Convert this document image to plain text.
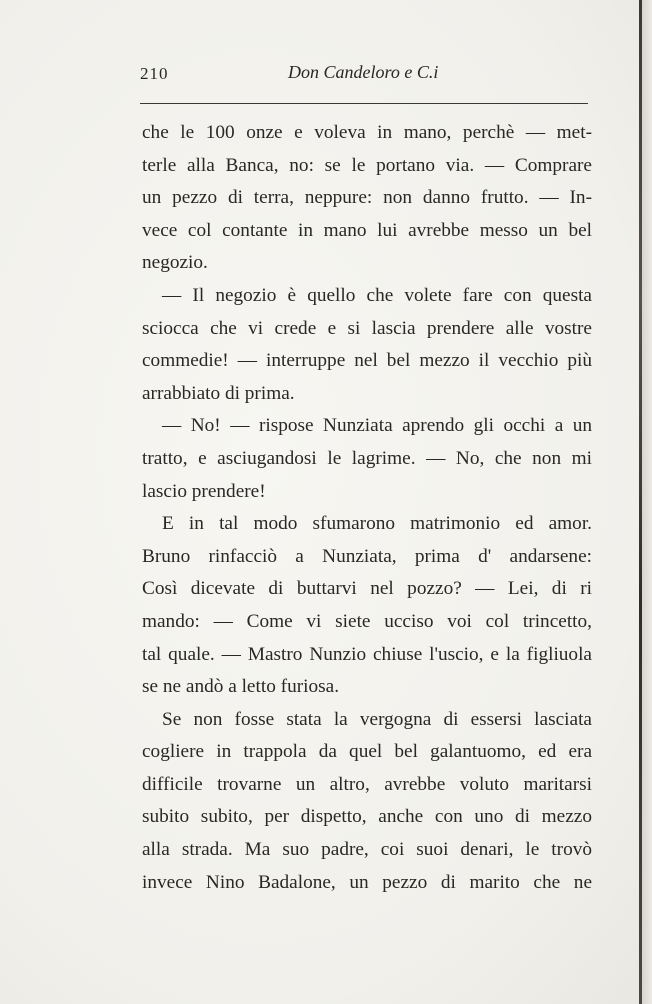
210	Don Candeloro e C.i
che le 100 onze e voleva in mano, perchè — met-
terle alla Banca, no: se le portano via. — Comprare
un pezzo di terra, neppure: non danno frutto. — In-
vece col contante in mano lui avrebbe messo un bel
negozio.
— Il negozio è quello che volete fare con questa
sciocca che vi crede e si lascia prendere alle vostre
commedie! — interruppe nel bel mezzo il vecchio più
arrabbiato di prima.
— No! — rispose Nunziata aprendo gli occhi a un
tratto, e asciugandosi le lagrime. — No, che non mi
lascio prendere!
E in tal modo sfumarono matrimonio ed amor.
Bruno rinfacciò a Nunziata, prima d' andarsene:
Così dicevate di buttarvi nel pozzo? — Lei, di ri
mando: — Come vi siete ucciso voi col trincetto,
tal quale. — Mastro Nunzio chiuse l'uscio, e la figliuola
se ne andò a letto furiosa.
Se non fosse stata la vergogna di essersi lasciata
cogliere in trappola da quel bel galantuomo, ed era
difficile trovarne un altro, avrebbe voluto maritarsi
subito subito, per dispetto, anche con uno di mezzo
alla strada. Ma suo padre, coi suoi denari, le trovò
invece Nino Badalone, un pezzo di marito che ne
